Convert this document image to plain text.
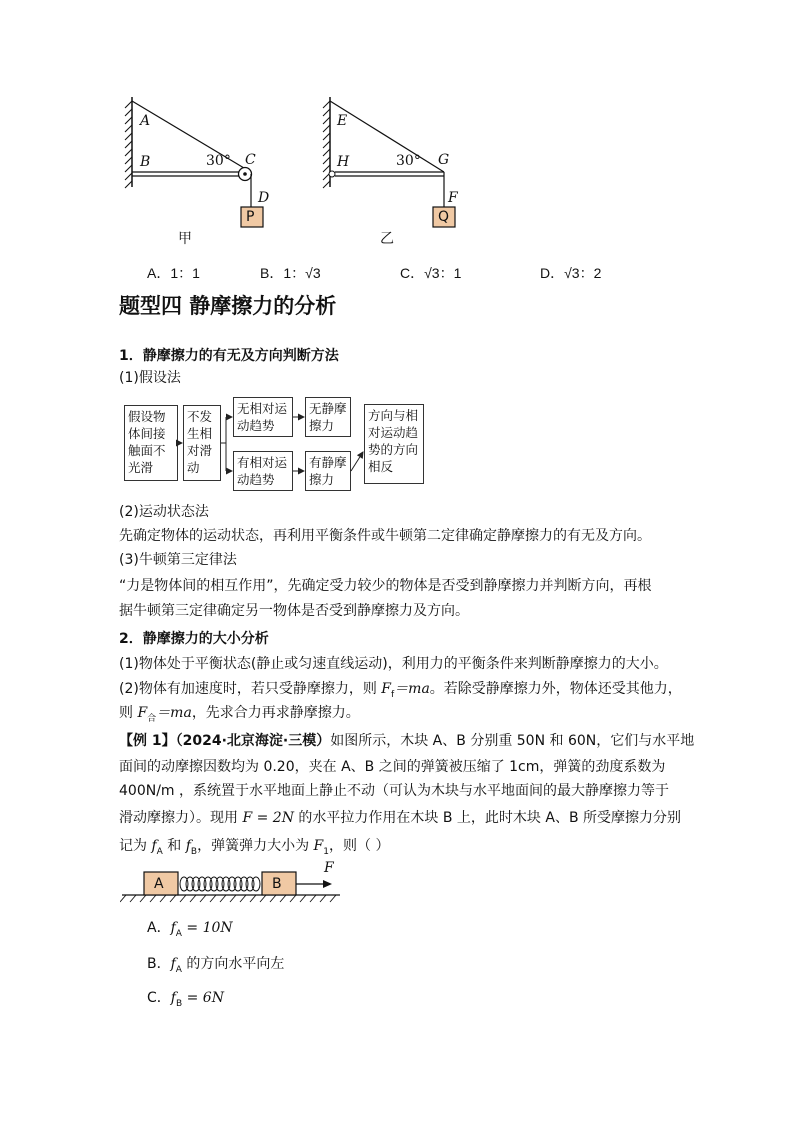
A
B	30° C
D
P
甲
E
H	30° G
F
Q
乙
A．1：1	B．1：√3	C．√3：1	D．√3：2
题型四 静摩擦力的分析
1．静摩擦力的有无及方向判断方法
(1)假设法
假设物体间接触面不光滑
不发生相对滑动
无相对运动趋势
无静摩擦力
有相对运动趋势
有静摩擦力
方向与相对运动趋势的方向相反
(2)运动状态法
先确定物体的运动状态，再利用平衡条件或牛顿第二定律确定静摩擦力的有无及方向。
(3)牛顿第三定律法
“力是物体间的相互作用”，先确定受力较少的物体是否受到静摩擦力并判断方向，再根
据牛顿第三定律确定另一物体是否受到静摩擦力及方向。
2．静摩擦力的大小分析
(1)物体处于平衡状态(静止或匀速直线运动)，利用力的平衡条件来判断静摩擦力的大小。
(2)物体有加速度时，若只受静摩擦力，则 $F_f=ma$。若除受静摩擦力外，物体还受其他力，
则 $F_合=ma$，先求合力再求静摩擦力。
【例 1】（2024·北京海淀·三模）如图所示，木块 A、B 分别重 50N 和 60N，它们与水平地
面间的动摩擦因数均为 0.20，夹在 A、B 之间的弹簧被压缩了 1cm，弹簧的劲度系数为
400N/m ，系统置于水平地面上静止不动（可认为木块与水平地面间的最大静摩擦力等于
滑动摩擦力）。现用 F = 2N 的水平拉力作用在木块 B 上，此时木块 A、B 所受摩擦力分别
记为 $f_A$ 和 $f_B$，弹簧弹力大小为 $F_1$，则（ ）
A	B
F
A．$f_A = 10N$
B．$f_A$ 的方向水平向左
C．$f_B = 6N$
